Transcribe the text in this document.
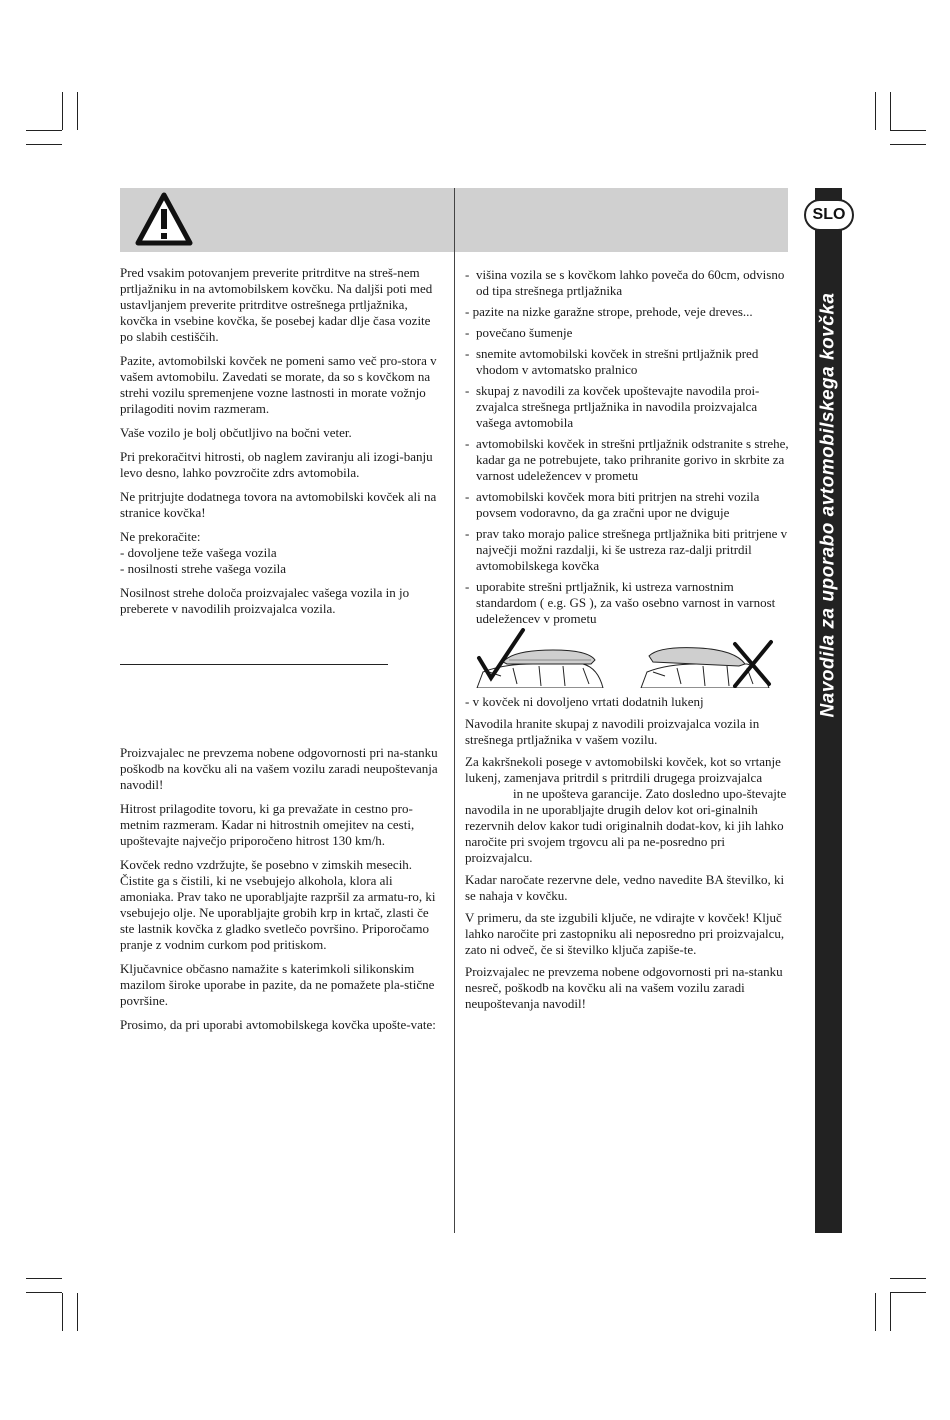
Navodila za uporabo avtomobilskega kovčka
SLO

Pred vsakim potovanjem preverite pritrditve na streš-nem prtljažniku in na avtomobilskem kovčku. Na daljši poti med ustavljanjem preverite pritrditve ostrešnega prtljažnika, kovčka in vsebine kovčka, še posebej kadar dlje časa vozite po slabih cestiščih.

Pazite, avtomobilski kovček ne pomeni samo več pro-stora v vašem avtomobilu. Zavedati se morate, da so s kovčkom na strehi vozilu spremenjene vozne lastnosti in morate vožnjo prilagoditi novim razmeram.

Vaše vozilo je bolj občutljivo na bočni veter.

Pri prekoračitvi hitrosti, ob naglem zaviranju ali izogi-banju levo desno, lahko povzročite zdrs avtomobila.

Ne pritrjujte dodatnega tovora na avtomobilski kovček ali na stranice kovčka!

Ne prekoračite:
- dovoljene teže vašega vozila
- nosilnosti strehe vašega vozila

Nosilnost strehe določa proizvajalec vašega vozila in jo preberete v navodilih proizvajalca vozila.

Proizvajalec ne prevzema nobene odgovornosti pri na-stanku poškodb na kovčku ali na vašem vozilu zaradi neupoštevanja navodil!

Hitrost prilagodite tovoru, ki ga prevažate in cestno pro-metnim razmeram. Kadar ni hitrostnih omejitev na cesti, upoštevajte največjo priporočeno hitrost 130 km/h.

Kovček redno vzdržujte, še posebno v zimskih mesecih. Čistite ga s čistili, ki ne vsebujejo alkohola, klora ali amoniaka. Prav tako ne uporabljajte razpršil za armatu-ro, ki vsebujejo olje. Ne uporabljajte grobih krp in krtač, zlasti če ste lastnik kovčka z gladko svetlečo površino. Priporočamo pranje z vodnim curkom pod pritiskom.

Ključavnice občasno namažite s katerimkoli silikonskim mazilom široke uporabe in pazite, da ne pomažete pla-stične površine.

Prosimo, da pri uporabi avtomobilskega kovčka upošte-vate:

- višina vozila se s kovčkom lahko poveča do 60cm, odvisno od tipa strešnega prtljažnika
- pazite na nizke garažne strope, prehode, veje dreves...
- povečano šumenje
- snemite avtomobilski kovček in strešni prtljažnik pred vhodom v avtomatsko pralnico
- skupaj z navodili za kovček upoštevajte navodila proi-zvajalca strešnega prtljažnika in navodila proizvajalca vašega avtomobila
- avtomobilski kovček in strešni prtljažnik odstranite s strehe, kadar ga ne potrebujete, tako prihranite gorivo in skrbite za varnost udeležencev v prometu
- avtomobilski kovček mora biti pritrjen na strehi vozila povsem vodoravno, da ga zračni upor ne dviguje
- prav tako morajo palice strešnega prtljažnika biti pritrjene v največji možni razdalji, ki še ustreza raz-dalji pritrdil avtomobilskega kovčka
- uporabite strešni prtljažnik, ki ustreza varnostnim standardom ( e.g. GS ), za vašo osebno varnost in varnost udeležencev v prometu

- v kovček ni dovoljeno vrtati dodatnih lukenj

Navodila hranite skupaj z navodili proizvajalca vozila in strešnega prtljažnika v vašem vozilu.

Za kakršnekoli posege v avtomobilski kovček, kot so vrtanje lukenj, zamenjava pritrdil s pritrdili drugega proizvajalca

in ne upošteva garancije. Zato dosledno upo-števajte navodila in ne uporabljajte drugih delov kot ori-ginalnih rezervnih delov kakor tudi originalnih dodat-kov, ki jih lahko naročite pri svojem trgovcu ali pa ne-posredno pri proizvajalcu.

Kadar naročate rezervne dele, vedno navedite BA številko, ki se nahaja v kovčku.

V primeru, da ste izgubili ključe, ne vdirajte v kovček! Ključ lahko naročite pri zastopniku ali neposredno pri proizvajalcu, zato ni odveč, če si številko ključa zapiše-te.

Proizvajalec ne prevzema nobene odgovornosti pri na-stanku nesreč, poškodb na kovčku ali na vašem vozilu zaradi neupoštevanja navodil!
